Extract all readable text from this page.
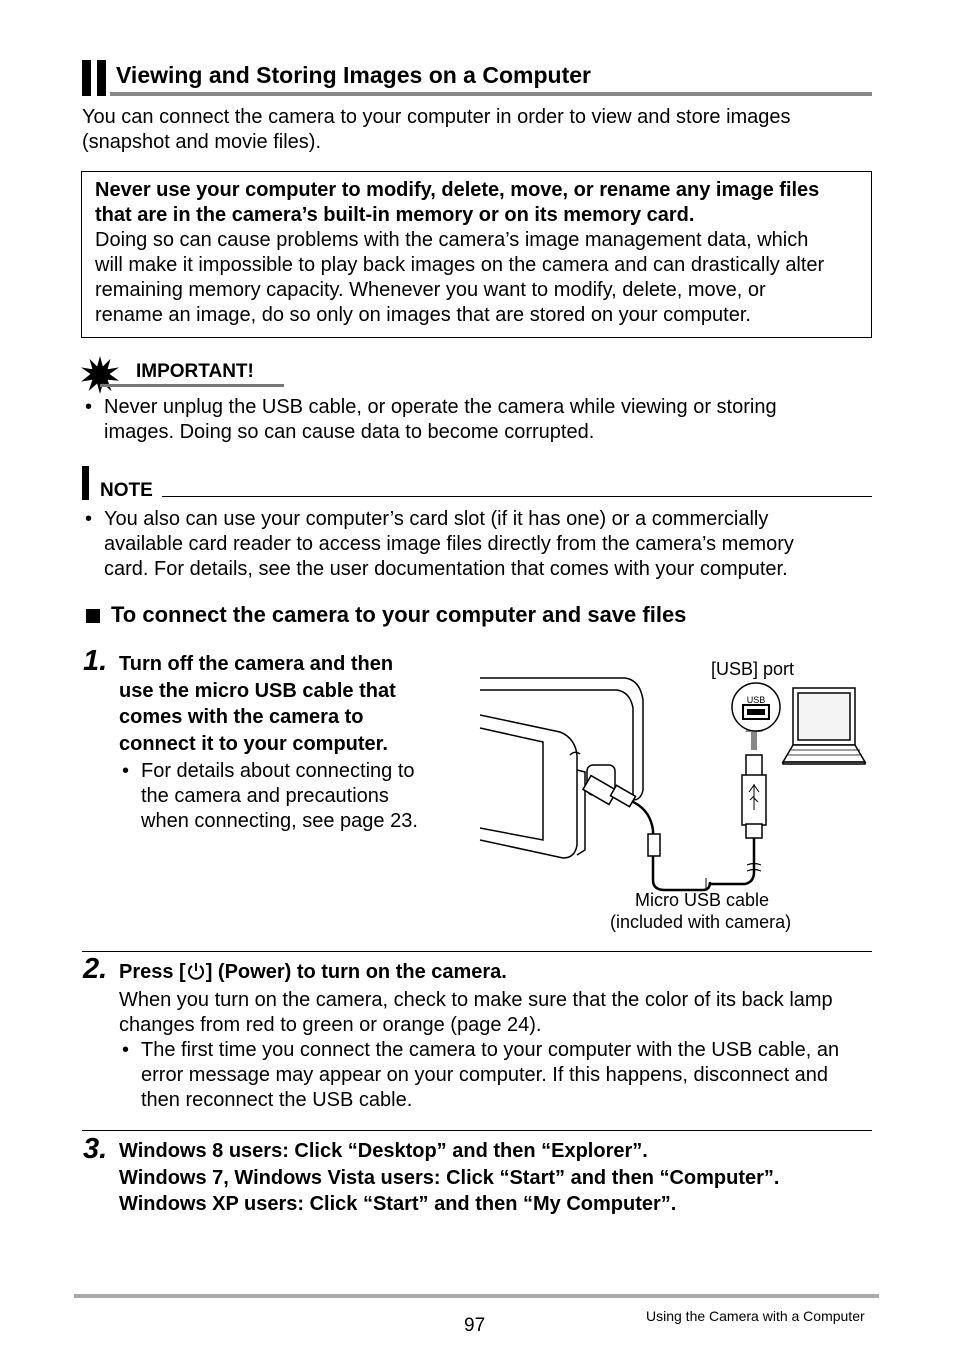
Viewing and Storing Images on a Computer
You can connect the camera to your computer in order to view and store images
(snapshot and movie files).
Never use your computer to modify, delete, move, or rename any image files
that are in the camera’s built-in memory or on its memory card.
Doing so can cause problems with the camera’s image management data, which
will make it impossible to play back images on the camera and can drastically alter
remaining memory capacity. Whenever you want to modify, delete, move, or
rename an image, do so only on images that are stored on your computer.
IMPORTANT!
• Never unplug the USB cable, or operate the camera while viewing or storing
images. Doing so can cause data to become corrupted.
NOTE
• You also can use your computer’s card slot (if it has one) or a commercially
available card reader to access image files directly from the camera’s memory
card. For details, see the user documentation that comes with your computer.
To connect the camera to your computer and save files
1. Turn off the camera and then
use the micro USB cable that
comes with the camera to
connect it to your computer.
• For details about connecting to
the camera and precautions
when connecting, see page 23.
USB
[USB] port
Micro USB cable
(included with camera)
2. Press [ ] (Power) to turn on the camera.
When you turn on the camera, check to make sure that the color of its back lamp
changes from red to green or orange (page 24).
• The first time you connect the camera to your computer with the USB cable, an
error message may appear on your computer. If this happens, disconnect and
then reconnect the USB cable.
3. Windows 8 users: Click “Desktop” and then “Explorer”.
Windows 7, Windows Vista users: Click “Start” and then “Computer”.
Windows XP users: Click “Start” and then “My Computer”.
97	Using the Camera with a Computer
